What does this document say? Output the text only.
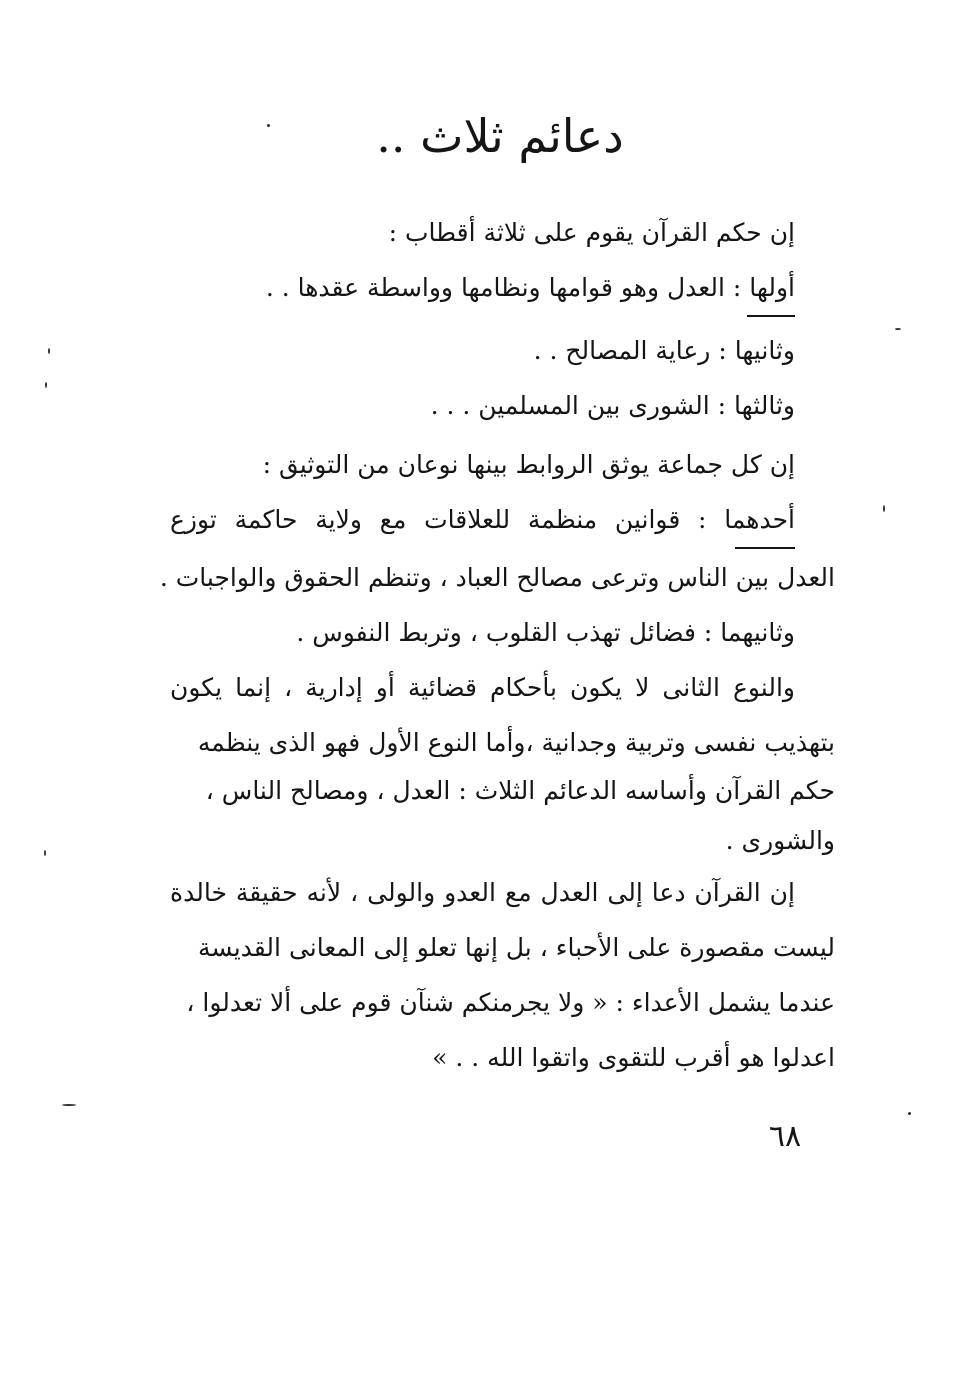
دعائم ثلاث ..
إن حكم القرآن يقوم على ثلاثة أقطاب :
أولها : العدل وهو قوامها ونظامها وواسطة عقدها . .
وثانيها : رعاية المصالح . .
وثالثها : الشورى بين المسلمين . . .
إن كل جماعة يوثق الروابط بينها نوعان من التوثيق :
أحدهما : قوانين منظمة للعلاقات مع ولاية حاكمة توزع
العدل بين الناس وترعى مصالح العباد ، وتنظم الحقوق والواجبات .
وثانيهما : فضائل تهذب القلوب ، وتربط النفوس .
والنوع الثانى لا يكون بأحكام قضائية أو إدارية ، إنما يكون
بتهذيب نفسى وتربية وجدانية ،وأما النوع الأول فهو الذى ينظمه
حكم القرآن وأساسه الدعائم الثلاث : العدل ، ومصالح الناس ،
والشورى .
إن القرآن دعا إلى العدل مع العدو والولى ، لأنه حقيقة خالدة
ليست مقصورة على الأحباء ، بل إنها تعلو إلى المعانى القديسة
عندما يشمل الأعداء : « ولا يجرمنكم شنآن قوم على ألا تعدلوا ،
اعدلوا هو أقرب للتقوى واتقوا الله . . »
٦٨
